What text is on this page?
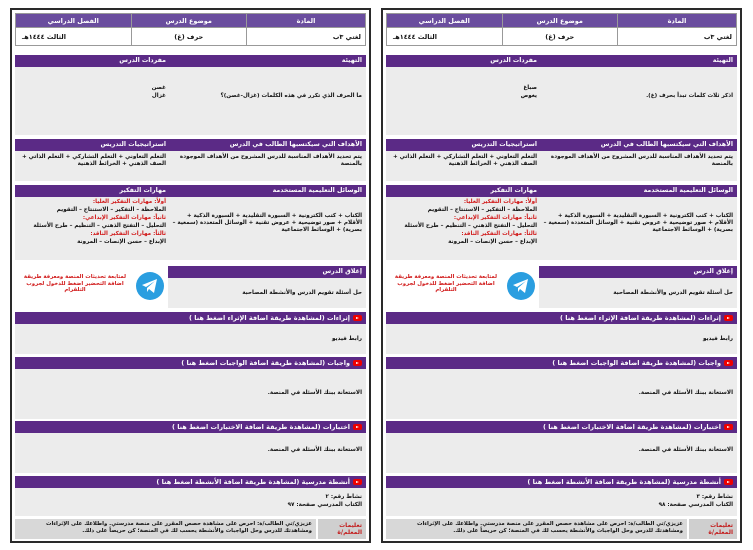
المادة	موضوع الدرس	الفصل الدراسي
لغتي ٣ب	حرف (غ)	الثالث ١٤٤٤هـ
التهيئة
اذكر ثلاث كلمات تبدأ بحرف (غ).
مفردات الدرس
صباغ
يغوص
الأهداف التي سيكتسبها الطالب في الدرس
يتم تحديد الأهداف المناسبة للدرس المشروح من الأهداف الموجودة بالمنصة
استراتيجيات التدريس
التعلم التعاوني + التعلم التشاركي + التعلم الذاتي + الصف الذهني + الخرائط الذهنية
الوسائل التعليمية المستخدمة
الكتاب + كتب الكترونية + السبورة التقليدية + السبورة الذكية + الأقلام + صور توضيحية + عروض تقنية + الوسائل المتعددة (سمعية – بصرية) + الوسائط الاجتماعية
مهارات التفكير
أولاً: مهارات التفكير العليا:
الملاحظة – التفكير – الاستنتاج – التقويم
ثانياً: مهارات التفكير الإبداعي:
التحليل – التفتح الذهني – التنظيم – طرح الأسئلة
ثالثاً: مهارات التفكير الناقد:
الإبداع – حسن الإنصات – المرونة
إغلاق الدرس
حل أسئلة تقويم الدرس والأنشطة المصاحبة
لمتابعة تحديثات المنصة ومعرفة طريقة اضافة التحضير اضغط للدخول لجروب التلقرام
إثراءات (لمشاهدة طريقة اضافة الإثراء اضغط هنا )
رابط فيديو
واجبات (لمشاهدة طريقة اضافة الواجبات اضغط هنا )
الاستعانة ببنك الأسئلة في المنصة.
اختبارات (لمشاهدة طريقة اضافة الاختبارات اضغط هنا )
الاستعانة ببنك الأسئلة في المنصة.
أنشطة مدرسية (لمشاهدة طريقة اضافة الأنشطة اضغط هنا )
نشاط رقم: ٣
الكتاب المدرسي صفحة: ٩٨
تعليمات المعلم/ة
عزيزي/تي الطالب/ة: احرص على مشاهدة حصص المقرر على منصة مدرستي. واطلاعك على الإثراءات ومشاهدتك للدرس وحل الواجبات والأنشطة يحسب لك في المنصة؛ كن حريصاً على ذلك.
المادة	موضوع الدرس	الفصل الدراسي
لغتي ٣ب	حرف (غ)	الثالث ١٤٤٤هـ
التهيئة
ما الحرف الذي تكرر في هذه الكلمات (غزال-غصن)؟
مفردات الدرس
غصن
غزال
الأهداف التي سيكتسبها الطالب في الدرس
يتم تحديد الأهداف المناسبة للدرس المشروح من الأهداف الموجودة بالمنصة
استراتيجيات التدريس
التعلم التعاوني + التعلم التشاركي + التعلم الذاتي + الصف الذهني + الخرائط الذهنية
الوسائل التعليمية المستخدمة
الكتاب + كتب الكترونية + السبورة التقليدية + السبورة الذكية + الأقلام + صور توضيحية + عروض تقنية + الوسائل المتعددة (سمعية – بصرية) + الوسائط الاجتماعية
مهارات التفكير
أولاً: مهارات التفكير العليا:
الملاحظة – التفكير – الاستنتاج – التقويم
ثانياً: مهارات التفكير الإبداعي:
التحليل – التفتح الذهني – التنظيم – طرح الأسئلة
ثالثاً: مهارات التفكير الناقد:
الإبداع – حسن الإنصات – المرونة
إغلاق الدرس
حل أسئلة تقويم الدرس والأنشطة المصاحبة
لمتابعة تحديثات المنصة ومعرفة طريقة اضافة التحضير اضغط للدخول لجروب التلقرام
إثراءات (لمشاهدة طريقة اضافة الإثراء اضغط هنا )
رابط فيديو
واجبات (لمشاهدة طريقة اضافة الواجبات اضغط هنا )
الاستعانة ببنك الأسئلة في المنصة.
اختبارات (لمشاهدة طريقة اضافة الاختبارات اضغط هنا )
الاستعانة ببنك الأسئلة في المنصة.
أنشطة مدرسية (لمشاهدة طريقة اضافة الأنشطة اضغط هنا )
نشاط رقم: ٢
الكتاب المدرسي صفحة: ٩٧
تعليمات المعلم/ة
عزيزي/تي الطالب/ة: احرص على مشاهدة حصص المقرر على منصة مدرستي. واطلاعك على الإثراءات ومشاهدتك للدرس وحل الواجبات والأنشطة يحسب لك في المنصة؛ كن حريصاً على ذلك.
